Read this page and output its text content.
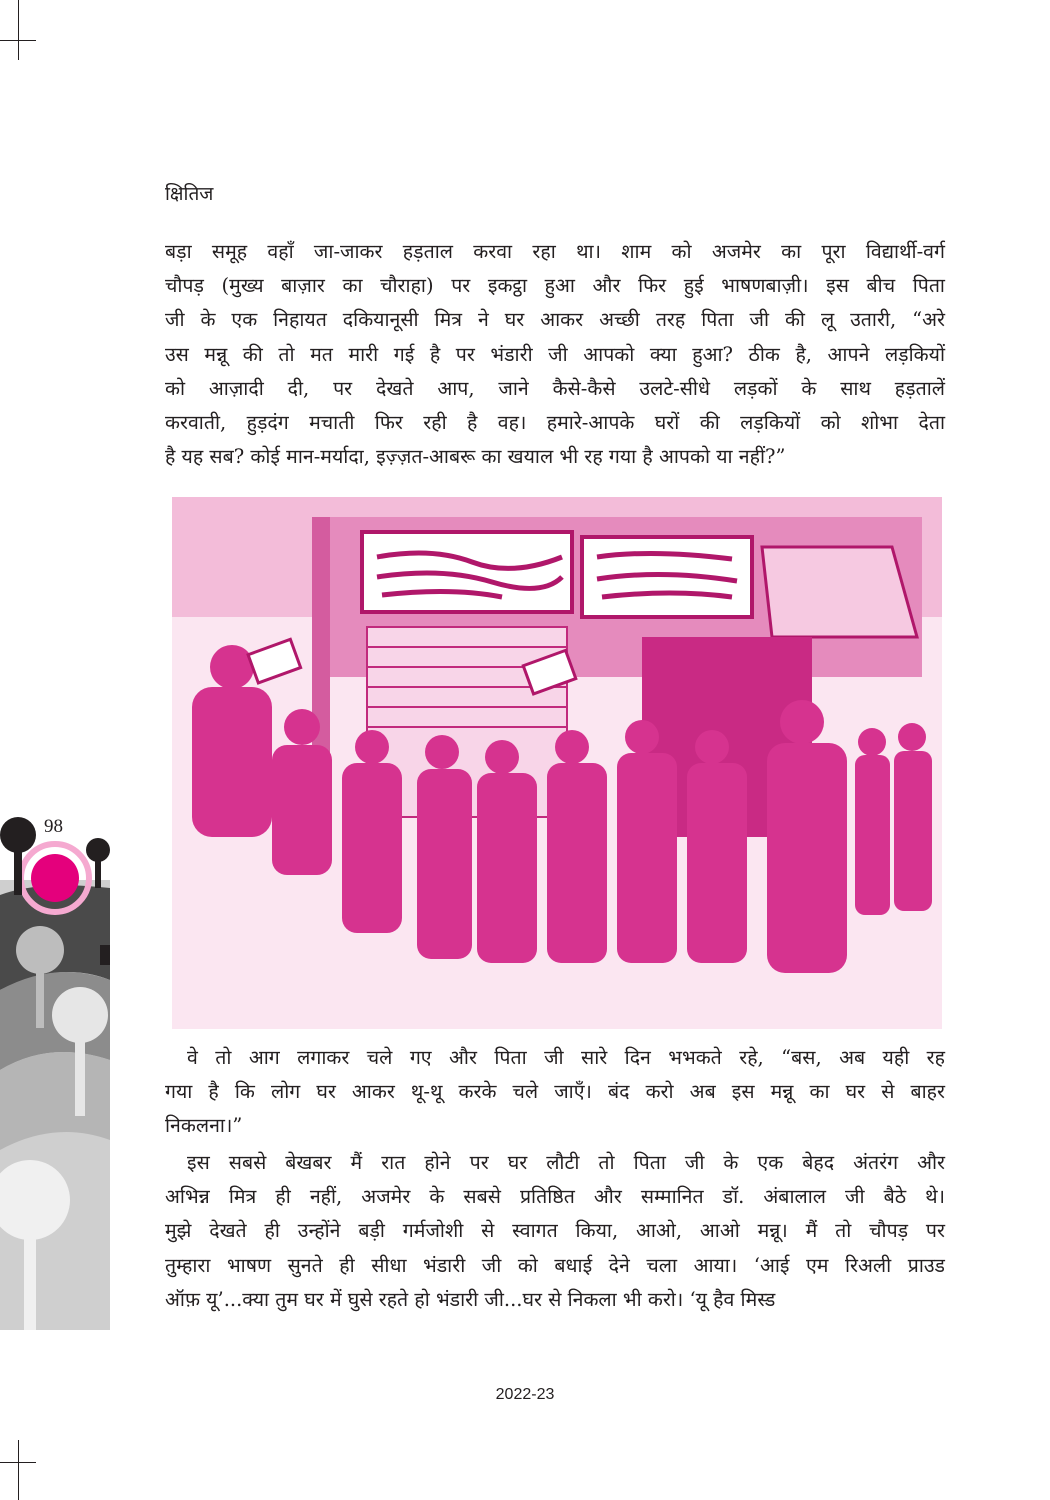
क्षितिज
बड़ा समूह वहाँ जा-जाकर हड़ताल करवा रहा था। शाम को अजमेर का पूरा विद्यार्थी-वर्ग
चौपड़ (मुख्य बाज़ार का चौराहा) पर इकट्ठा हुआ और फिर हुई भाषणबाज़ी। इस बीच पिता
जी के एक निहायत दकियानूसी मित्र ने घर आकर अच्छी तरह पिता जी की लू उतारी, “अरे
उस मन्नू की तो मत मारी गई है पर भंडारी जी आपको क्या हुआ? ठीक है, आपने लड़कियों
को आज़ादी दी, पर देखते आप, जाने कैसे-कैसे उलटे-सीधे लड़कों के साथ हड़तालें
करवाती, हुड़दंग मचाती फिर रही है वह। हमारे-आपके घरों की लड़कियों को शोभा देता
है यह सब? कोई मान-मर्यादा, इज़्ज़त-आबरू का खयाल भी रह गया है आपको या नहीं?”
वे तो आग लगाकर चले गए और पिता जी सारे दिन भभकते रहे, “बस, अब यही रह
गया है कि लोग घर आकर थू-थू करके चले जाएँ। बंद करो अब इस मन्नू का घर से बाहर
निकलना।”
इस सबसे बेखबर मैं रात होने पर घर लौटी तो पिता जी के एक बेहद अंतरंग और
अभिन्न मित्र ही नहीं, अजमेर के सबसे प्रतिष्ठित और सम्मानित डॉ. अंबालाल जी बैठे थे।
मुझे देखते ही उन्होंने बड़ी गर्मजोशी से स्वागत किया, आओ, आओ मन्नू। मैं तो चौपड़ पर
तुम्हारा भाषण सुनते ही सीधा भंडारी जी को बधाई देने चला आया। ‘आई एम रिअली प्राउड
ऑफ़ यू’...क्या तुम घर में घुसे रहते हो भंडारी जी...घर से निकला भी करो। ‘यू हैव मिस्ड
98
2022-23
